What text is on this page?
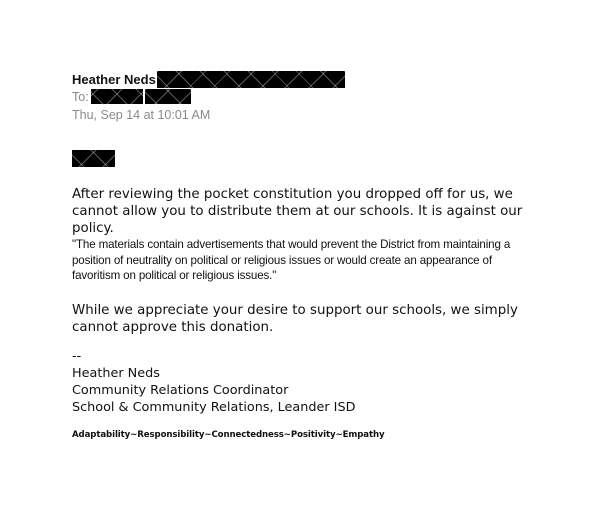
Heather Neds
To:
Thu, Sep 14 at 10:01 AM

After reviewing the pocket constitution you dropped off for us, we cannot allow you to distribute them at our schools. It is against our policy.

"The materials contain advertisements that would prevent the District from maintaining a position of neutrality on political or religious issues or would create an appearance of favoritism on political or religious issues."

While we appreciate your desire to support our schools, we simply cannot approve this donation.

--
Heather Neds
Community Relations Coordinator
School & Community Relations, Leander ISD
Adaptability~Responsibility~Connectedness~Positivity~Empathy
